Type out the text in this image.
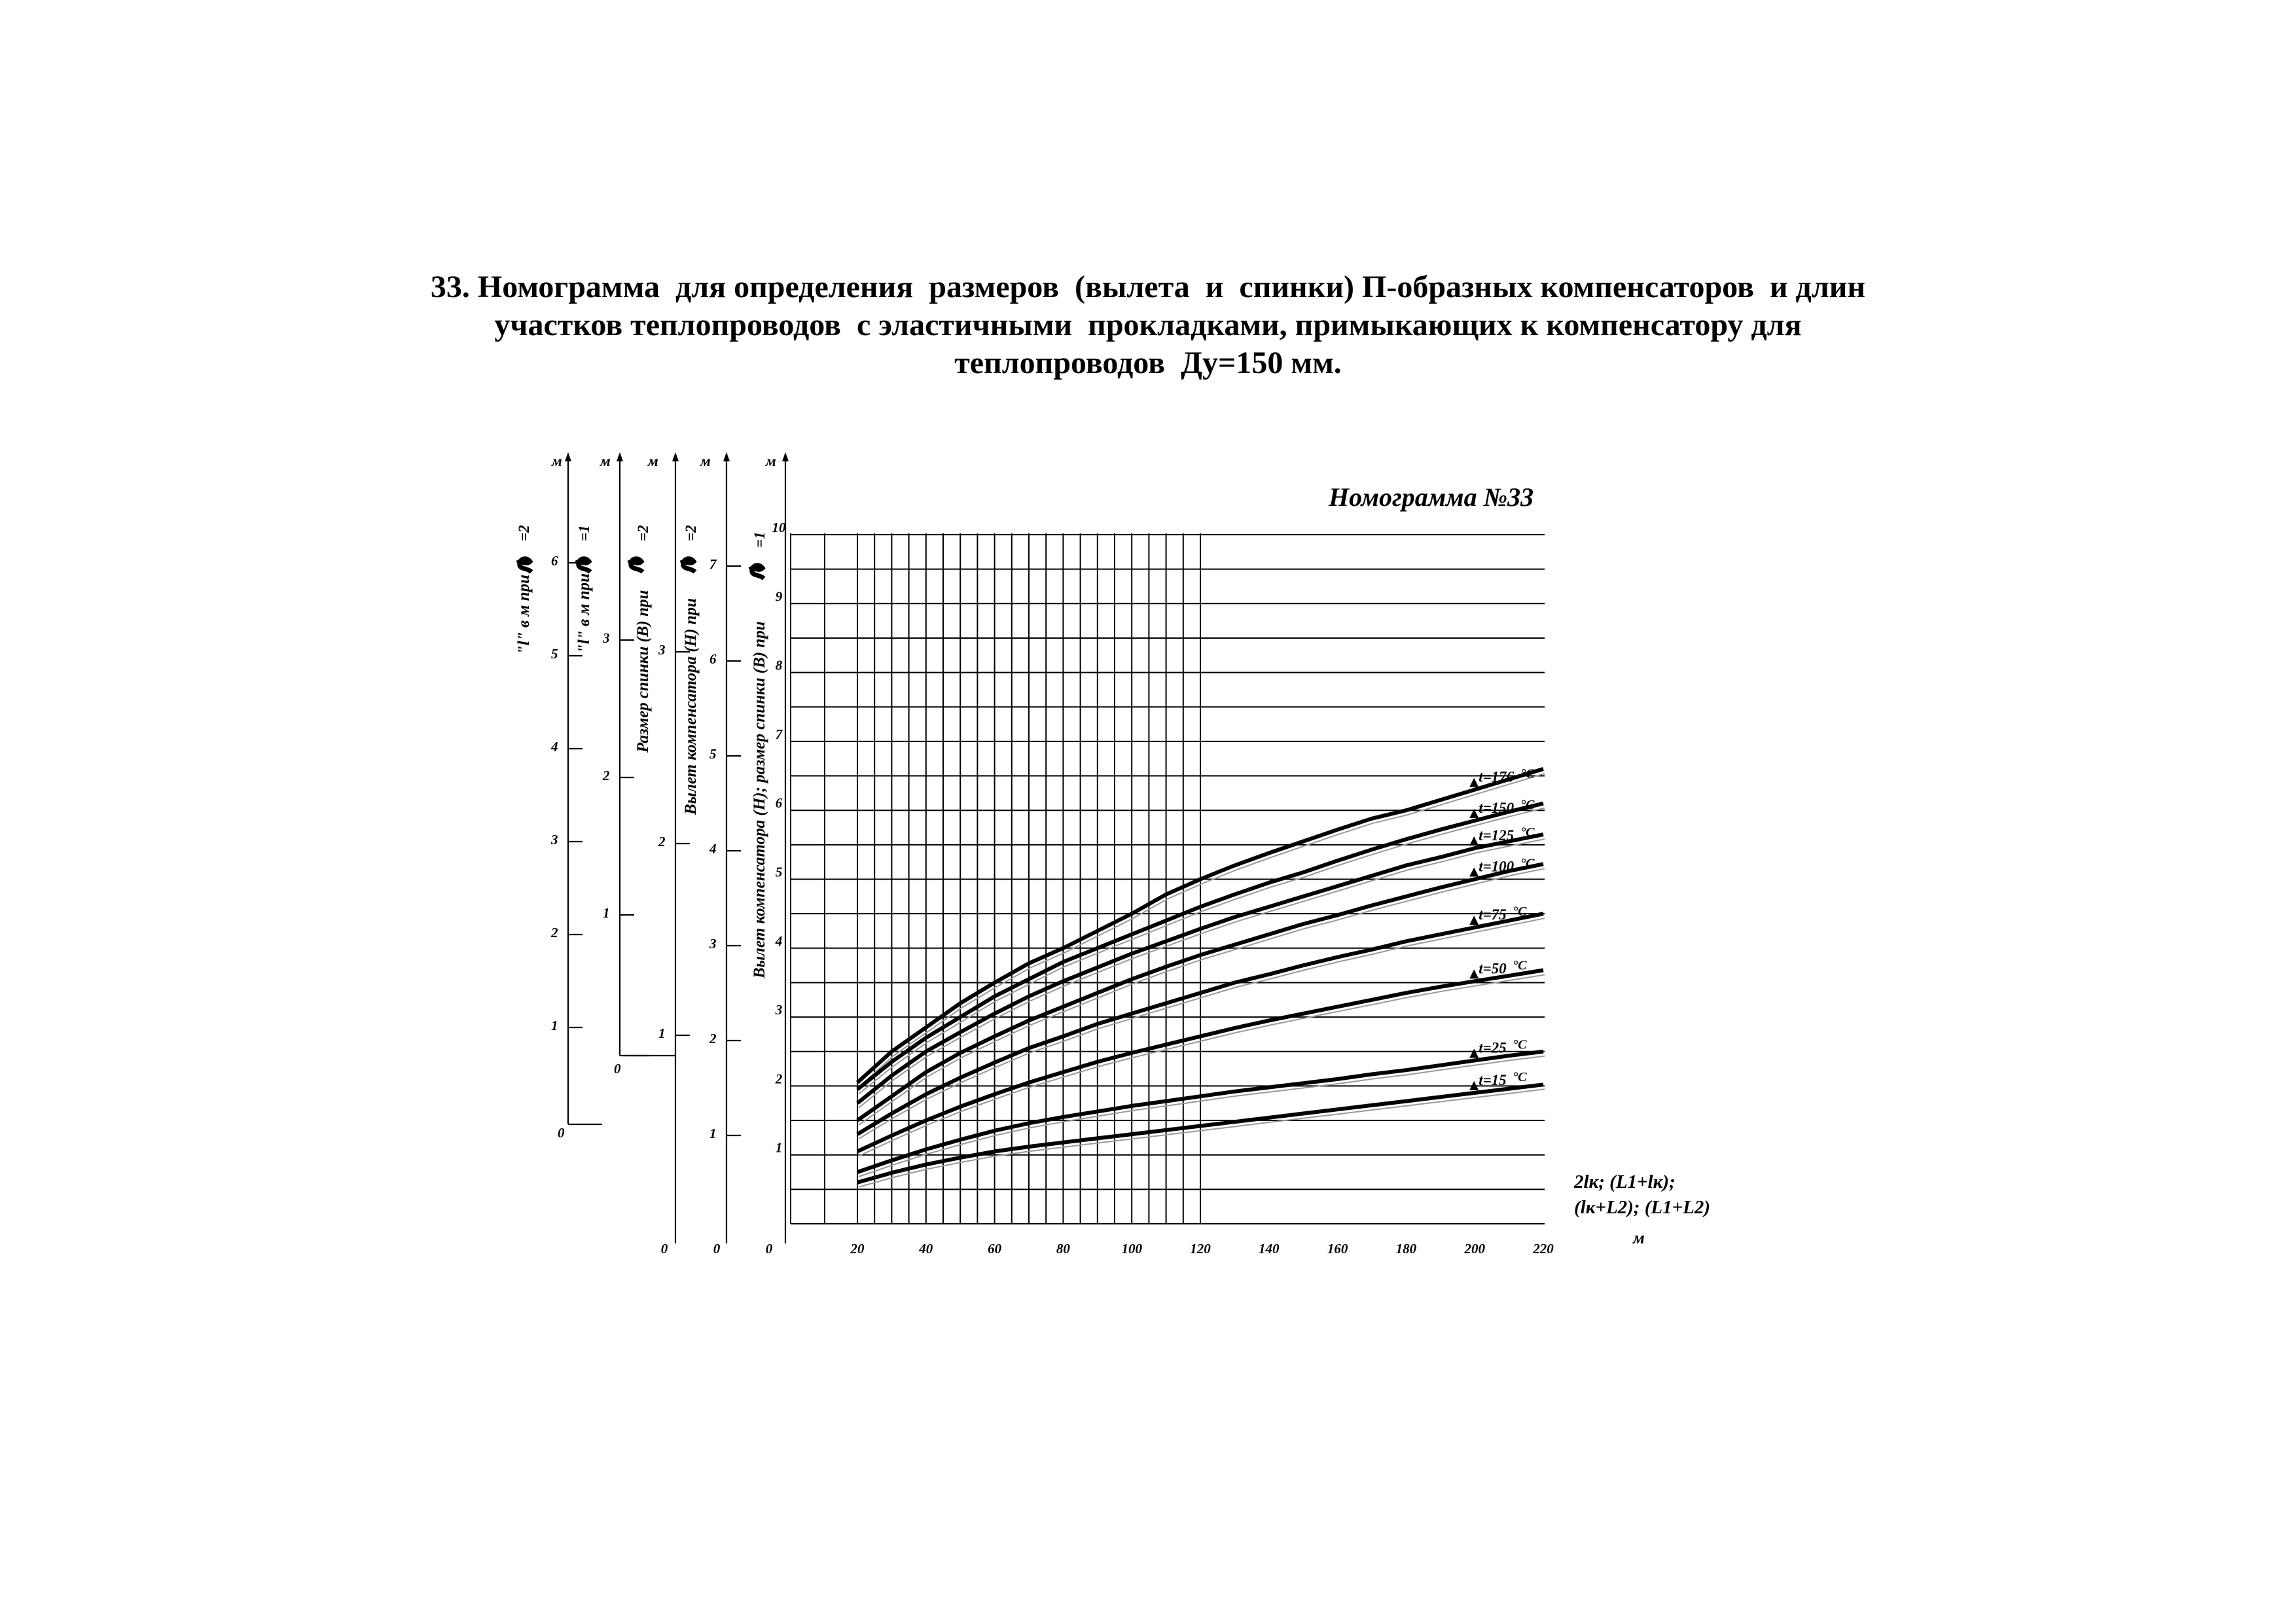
33. Номограмма  для определения  размеров  (вылета  и  спинки) П-образных компенсаторов  и длин
участков теплопроводов  с эластичными  прокладками, примыкающих к компенсатору для
теплопроводов  Ду=150 мм.
м
1
2
3
4
5
6
0
"l" в м при
=2
м
1
2
3
0
"l" в м при
=1
м
1
2
3
Размер спинки (В) при
=2
м
1
2
3
4
5
6
7
Вылет компенсатора (Н) при
=2
м
Вылет компенсатора (Н); размер спинки (В) при
=1
20	40	60	80	100	120	140	160	180	200	220
0	0	0
1
2
3
4
5
6
7
8
9
10
t=176 °C
t=150 °C
t=125 °C
t=100 °C
t=75 °C
t=50 °C
t=25 °C
t=15 °C
Номограмма №33
2lк; (L1+lк);
(lк+L2); (L1+L2)
м
